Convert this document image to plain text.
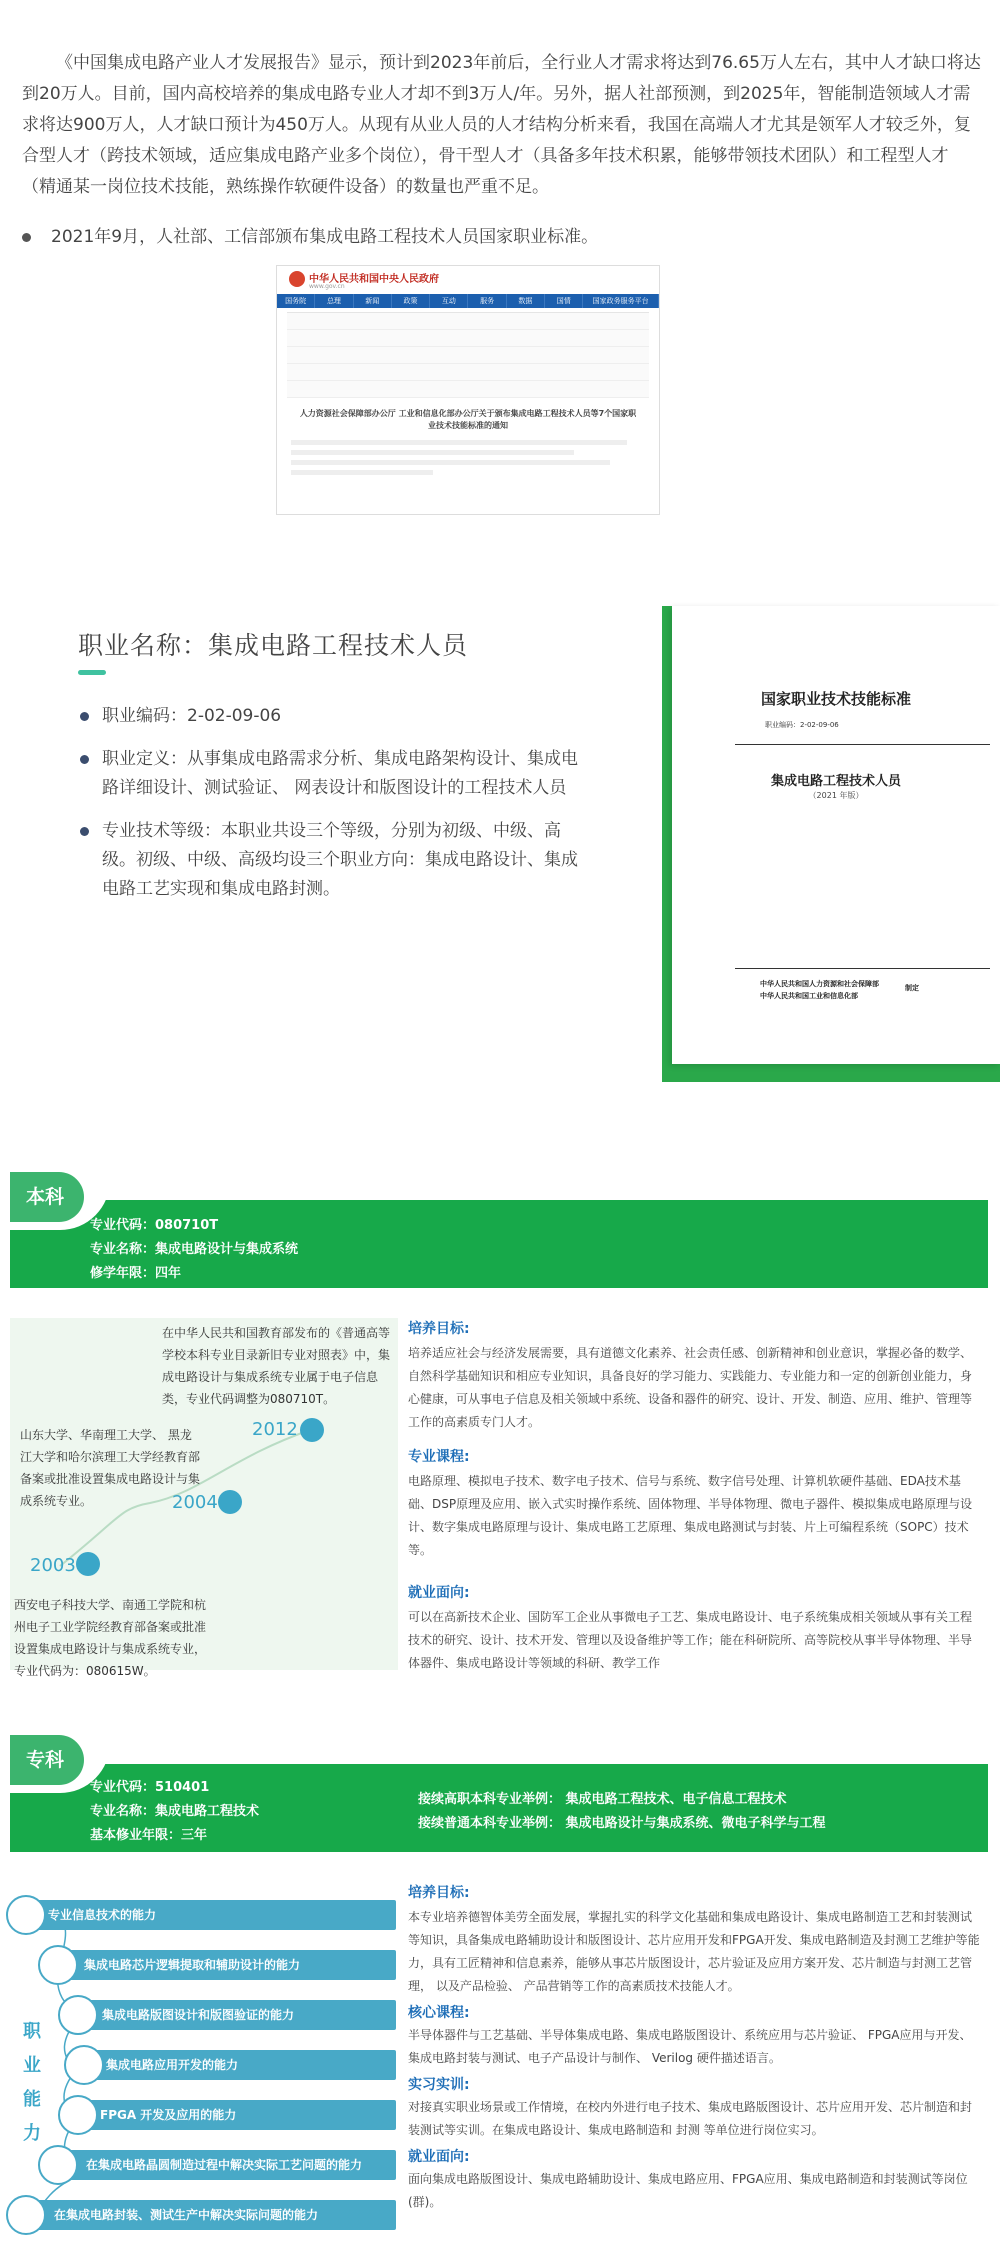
《中国集成电路产业人才发展报告》显示，预计到2023年前后，全行业人才需求将达到76.65万人左右，其中人才缺口将达到20万人。目前，国内高校培养的集成电路专业人才却不到3万人/年。另外，据人社部预测，到2025年，智能制造领域人才需求将达900万人，人才缺口预计为450万人。从现有从业人员的人才结构分析来看，我国在高端人才尤其是领军人才较乏外，复合型人才（跨技术领域，适应集成电路产业多个岗位），骨干型人才（具备多年技术积累，能够带领技术团队）和工程型人才（精通某一岗位技术技能，熟练操作软硬件设备）的数量也严重不足。

2021年9月，人社部、工信部颁布集成电路工程技术人员国家职业标准。
中华人民共和国中央人民政府
www.gov.cn
国务院	总理	新闻	政策	互动	服务	数据	国情	国家政务服务平台
人力资源社会保障部办公厅 工业和信息化部办公厅关于颁布集成电路工程技术人员等7个国家职业技术技能标准的通知
职业名称：集成电路工程技术人员
职业编码：2-02-09-06
职业定义：从事集成电路需求分析、集成电路架构设计、集成电路详细设计、测试验证、 网表设计和版图设计的工程技术人员
专业技术等级：本职业共设三个等级，分别为初级、中级、高级。初级、中级、高级均设三个职业方向：集成电路设计、集成电路工艺实现和集成电路封测。
国家职业技术技能标准
职业编码：2-02-09-06
集成电路工程技术人员
（2021 年版）
中华人民共和国人力资源和社会保障部
中华人民共和国工业和信息化部
制定
专业代码：080710T
专业名称：集成电路设计与集成系统
修学年限：四年
本科
在中华人民共和国教育部发布的《普通高等学校本科专业目录新旧专业对照表》中，集成电路设计与集成系统专业属于电子信息类，专业代码调整为080710T。
山东大学、华南理工大学、 黑龙江大学和哈尔滨理工大学经教育部备案或批准设置集成电路设计与集成系统专业。
西安电子科技大学、南通工学院和杭州电子工业学院经教育部备案或批准设置集成电路设计与集成系统专业，专业代码为：080615W。
2012
2004
2003
培养目标:
培养适应社会与经济发展需要，具有道德文化素养、社会责任感、创新精神和创业意识，掌握必备的数学、自然科学基础知识和相应专业知识，具备良好的学习能力、实践能力、专业能力和一定的创新创业能力，身心健康，可从事电子信息及相关领域中系统、设备和器件的研究、设计、开发、制造、应用、维护、管理等工作的高素质专门人才。
专业课程:
电路原理、模拟电子技术、数字电子技术、信号与系统、数字信号处理、计算机软硬件基础、EDA技术基础、DSP原理及应用、嵌入式实时操作系统、固体物理、半导体物理、微电子器件、模拟集成电路原理与设计、数字集成电路原理与设计、集成电路工艺原理、集成电路测试与封装、片上可编程系统（SOPC）技术等。
就业面向:
可以在高新技术企业、国防军工企业从事微电子工艺、集成电路设计、电子系统集成相关领域从事有关工程技术的研究、设计、技术开发、管理以及设备维护等工作；能在科研院所、高等院校从事半导体物理、半导体器件、集成电路设计等领域的科研、教学工作
专业代码：510401
专业名称：集成电路工程技术
基本修业年限：三年
接续高职本科专业举例： 集成电路工程技术、电子信息工程技术
接续普通本科专业举例： 集成电路设计与集成系统、微电子科学与工程
专科
职
业
能
力
专业信息技术的能力
集成电路芯片逻辑提取和辅助设计的能力
集成电路版图设计和版图验证的能力
集成电路应用开发的能力
FPGA 开发及应用的能力
在集成电路晶圆制造过程中解决实际工艺问题的能力
在集成电路封装、测试生产中解决实际问题的能力
培养目标:
本专业培养德智体美劳全面发展，掌握扎实的科学文化基础和集成电路设计、集成电路制造工艺和封装测试等知识，具备集成电路辅助设计和版图设计、芯片应用开发和FPGA开发、集成电路制造及封测工艺维护等能力，具有工匠精神和信息素养，能够从事芯片版图设计，芯片验证及应用方案开发、芯片制造与封测工艺管理， 以及产品检验、 产品营销等工作的高素质技术技能人才。
核心课程:
半导体器件与工艺基础、半导体集成电路、集成电路版图设计、系统应用与芯片验证、 FPGA应用与开发、集成电路封装与测试、电子产品设计与制作、 Verilog 硬件描述语言。
实习实训:
对接真实职业场景或工作情境，在校内外进行电子技术、集成电路版图设计、芯片应用开发、芯片制造和封装测试等实训。在集成电路设计、集成电路制造和 封测 等单位进行岗位实习。
就业面向:
面向集成电路版图设计、集成电路辅助设计、集成电路应用、FPGA应用、集成电路制造和封装测试等岗位(群)。
